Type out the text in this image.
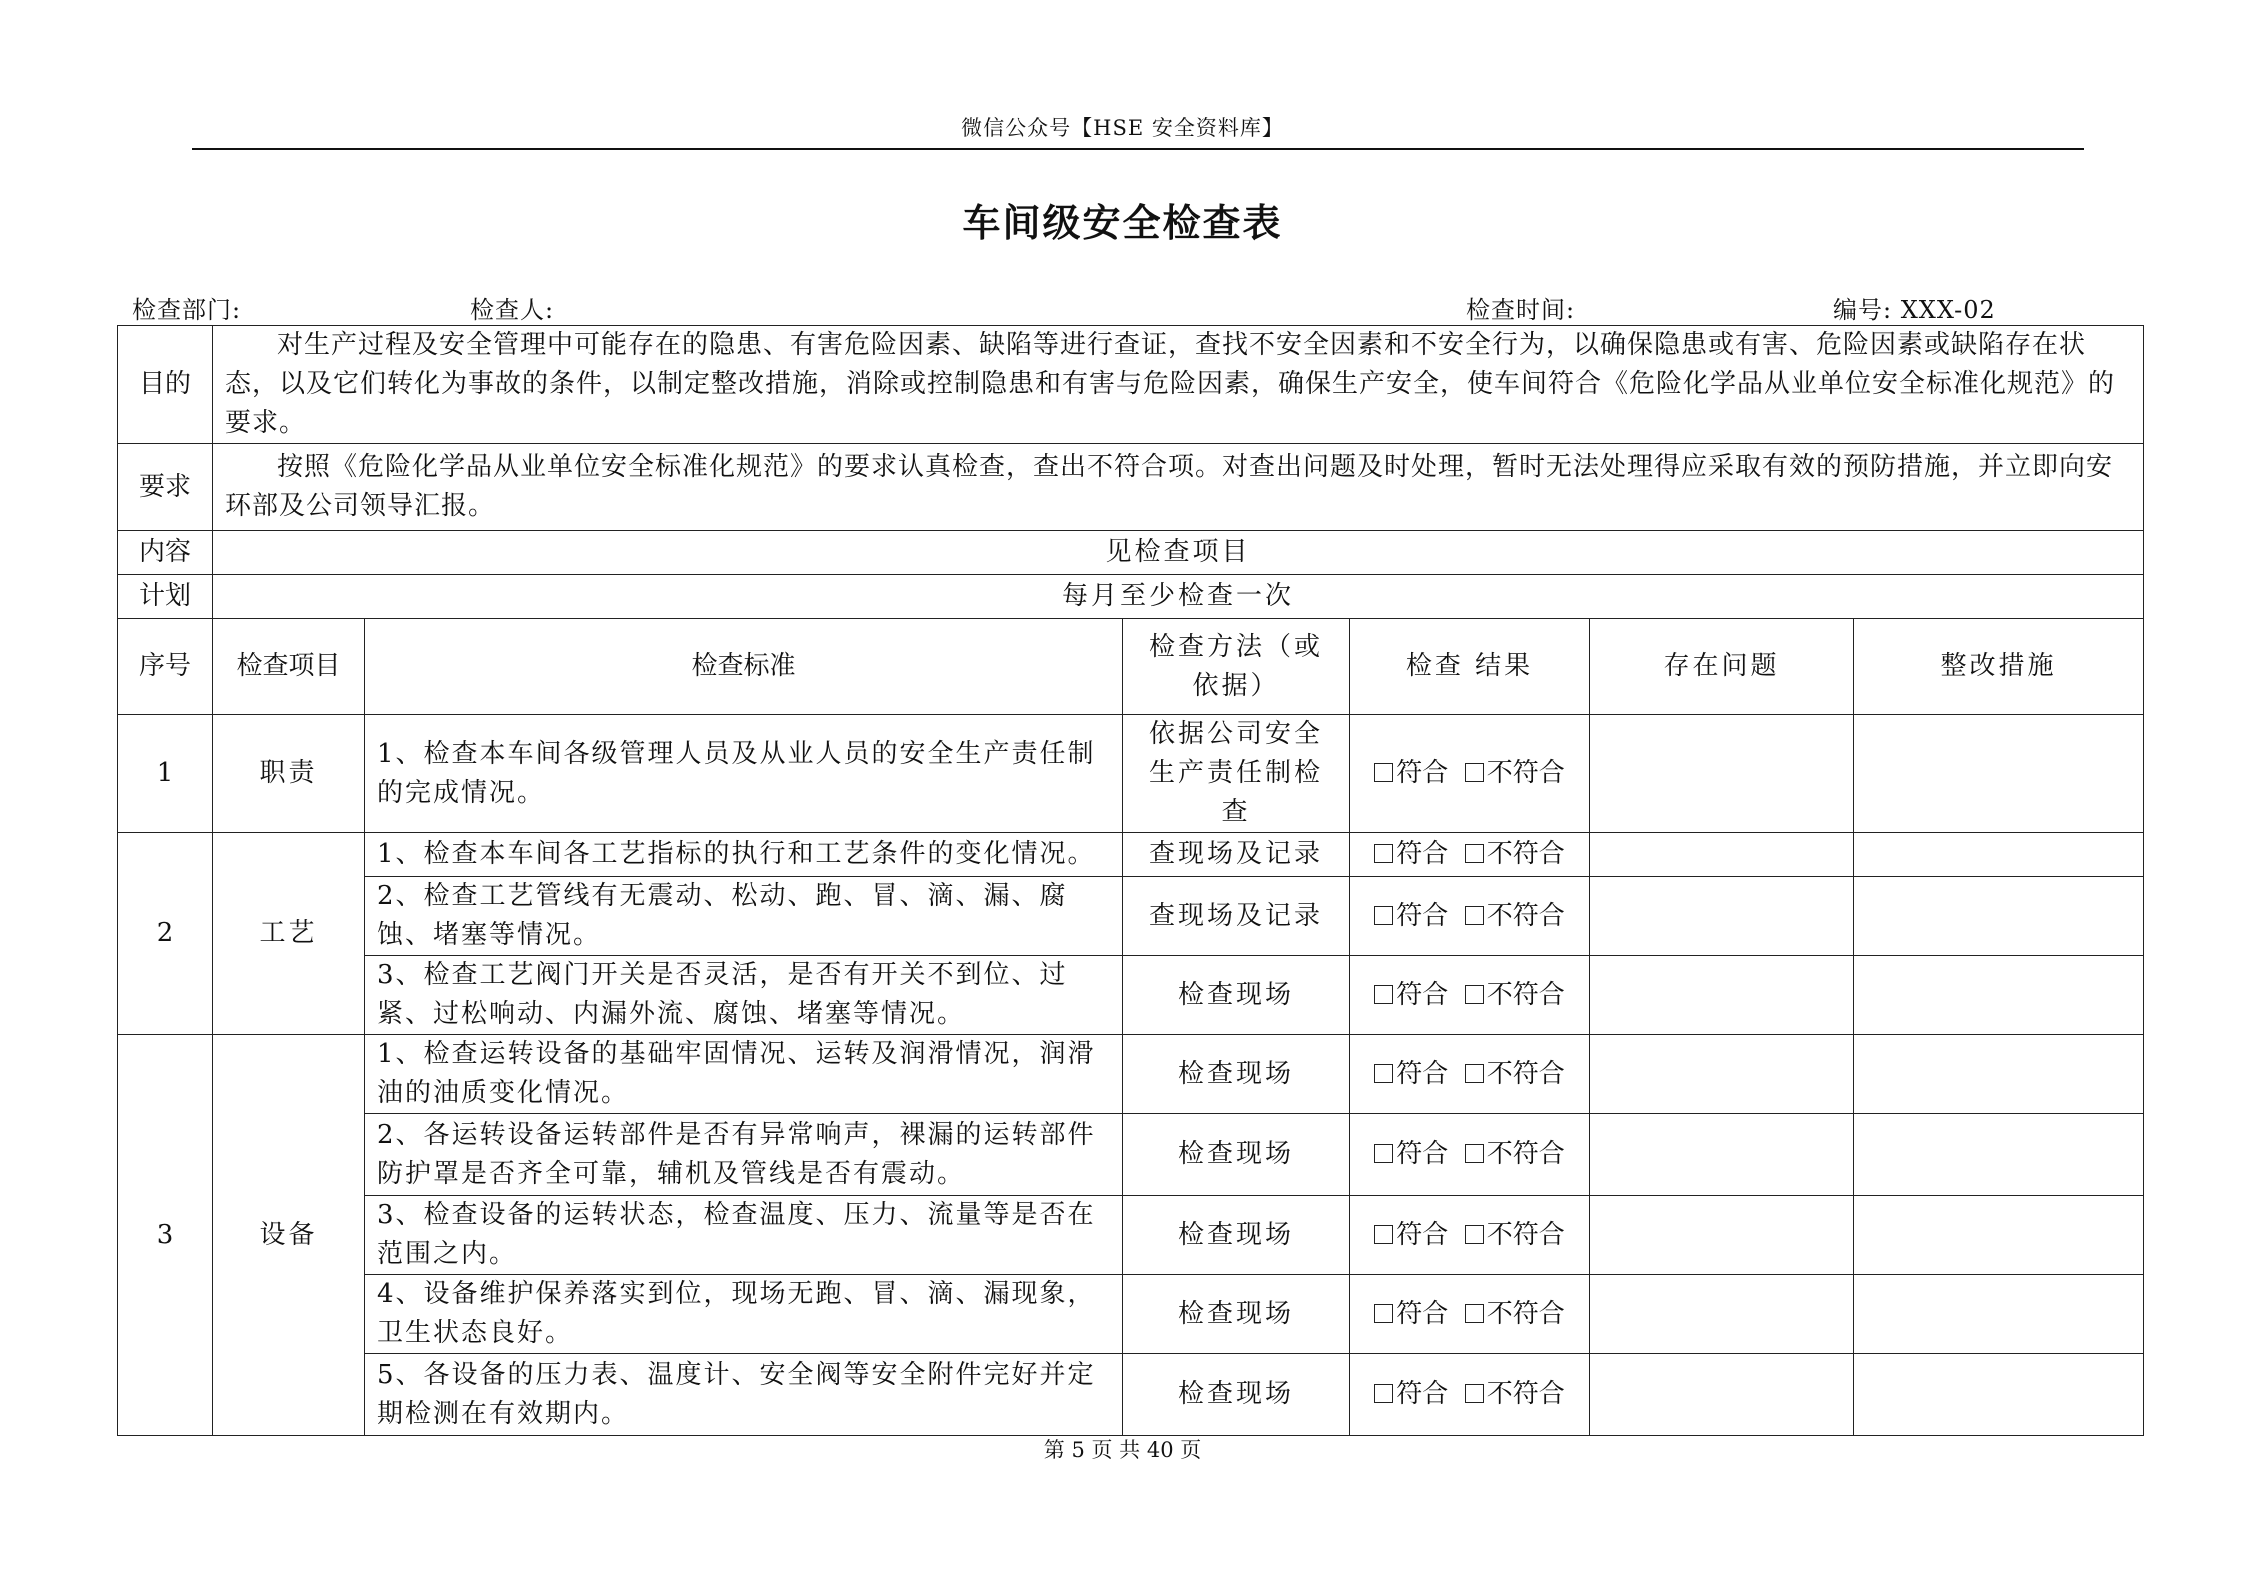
微信公众号【HSE 安全资料库】
车间级安全检查表
检查部门:	检查人:	检查时间:	编号: XXX-02
目的	对生产过程及安全管理中可能存在的隐患、有害危险因素、缺陷等进行查证，查找不安全因素和不安全行为，以确保隐患或有害、危险因素或缺陷存在状态，以及它们转化为事故的条件，以制定整改措施，消除或控制隐患和有害与危险因素，确保生产安全，使车间符合《危险化学品从业单位安全标准化规范》的要求。					
要求	按照《危险化学品从业单位安全标准化规范》的要求认真检查，查出不符合项。对查出问题及时处理，暂时无法处理得应采取有效的预防措施，并立即向安环部及公司领导汇报。					
内容	见检查项目					
计划	每月至少检查一次					
序号	检查项目	检查标准	检查方法（或依据）	检查 结果	存在问题	整改措施
1	职责	1、检查本车间各级管理人员及从业人员的安全生产责任制的完成情况。	依据公司安全生产责任制检查	符合 不符合		
2	工艺	1、检查本车间各工艺指标的执行和工艺条件的变化情况。	查现场及记录	符合 不符合		
		2、检查工艺管线有无震动、松动、跑、冒、滴、漏、腐蚀、堵塞等情况。	查现场及记录	符合 不符合		
		3、检查工艺阀门开关是否灵活，是否有开关不到位、过紧、过松响动、内漏外流、腐蚀、堵塞等情况。	检查现场	符合 不符合		
3	设备	1、检查运转设备的基础牢固情况、运转及润滑情况，润滑油的油质变化情况。	检查现场	符合 不符合		
		2、各运转设备运转部件是否有异常响声，裸漏的运转部件防护罩是否齐全可靠，辅机及管线是否有震动。	检查现场	符合 不符合		
		3、检查设备的运转状态，检查温度、压力、流量等是否在范围之内。	检查现场	符合 不符合		
		4、设备维护保养落实到位，现场无跑、冒、滴、漏现象，卫生状态良好。	检查现场	符合 不符合		
		5、各设备的压力表、温度计、安全阀等安全附件完好并定期检测在有效期内。	检查现场	符合 不符合		
第 5 页 共 40 页
